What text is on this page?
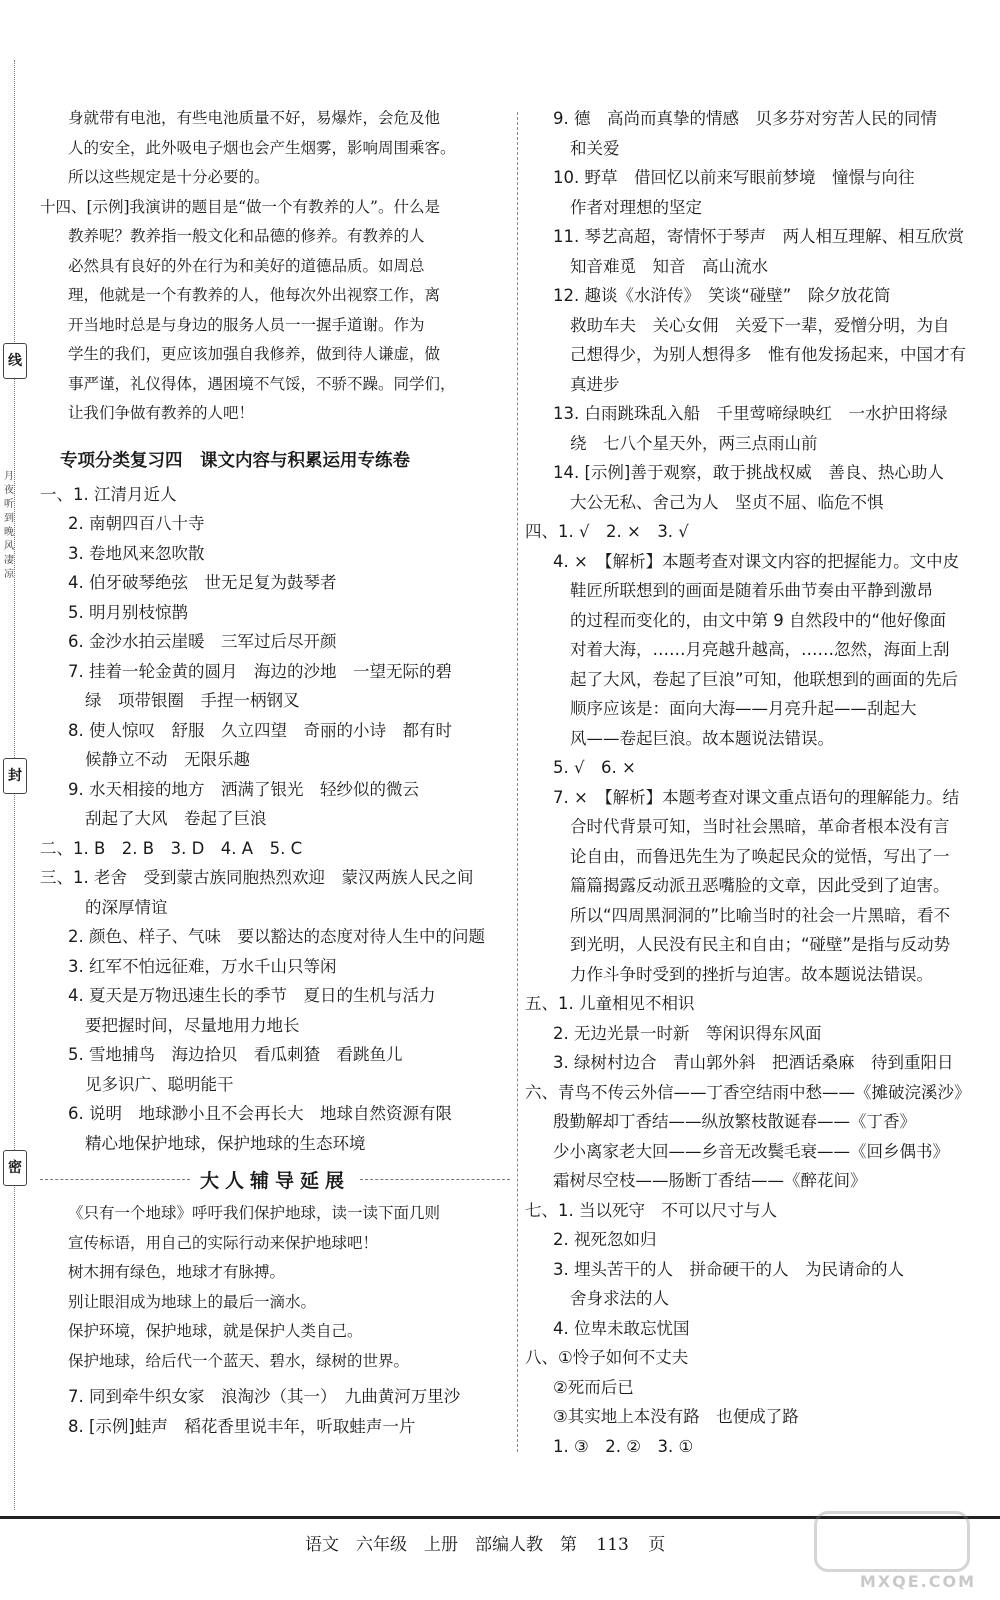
线
月夜听到晚风凄凉
封
密
身就带有电池，有些电池质量不好，易爆炸，会危及他
人的安全，此外吸电子烟也会产生烟雾，影响周围乘客。
所以这些规定是十分必要的。
十四、[示例]我演讲的题目是“做一个有教养的人”。什么是
教养呢？教养指一般文化和品德的修养。有教养的人
必然具有良好的外在行为和美好的道德品质。如周总
理，他就是一个有教养的人，他每次外出视察工作，离
开当地时总是与身边的服务人员一一握手道谢。作为
学生的我们，更应该加强自我修养，做到待人谦虚，做
事严谨，礼仪得体，遇困境不气馁，不骄不躁。同学们，
让我们争做有教养的人吧！
专项分类复习四　课文内容与积累运用专练卷
一、1. 江清月近人
2. 南朝四百八十寺
3. 卷地风来忽吹散
4. 伯牙破琴绝弦　世无足复为鼓琴者
5. 明月别枝惊鹊
6. 金沙水拍云崖暖　三军过后尽开颜
7. 挂着一轮金黄的圆月　海边的沙地　一望无际的碧
绿　项带银圈　手捏一柄钢叉
8. 使人惊叹　舒服　久立四望　奇丽的小诗　都有时
候静立不动　无限乐趣
9. 水天相接的地方　洒满了银光　轻纱似的微云
刮起了大风　卷起了巨浪
二、1. B　2. B　3. D　4. A　5. C
三、1. 老舍　受到蒙古族同胞热烈欢迎　蒙汉两族人民之间
的深厚情谊
2. 颜色、样子、气味　要以豁达的态度对待人生中的问题
3. 红军不怕远征难，万水千山只等闲
4. 夏天是万物迅速生长的季节　夏日的生机与活力
要把握时间，尽量地用力地长
5. 雪地捕鸟　海边拾贝　看瓜刺猹　看跳鱼儿
见多识广、聪明能干
6. 说明　地球渺小且不会再长大　地球自然资源有限
精心地保护地球，保护地球的生态环境
大人辅导延展
《只有一个地球》呼吁我们保护地球，读一读下面几则
宣传标语，用自己的实际行动来保护地球吧！
树木拥有绿色，地球才有脉搏。
别让眼泪成为地球上的最后一滴水。
保护环境，保护地球，就是保护人类自己。
保护地球，给后代一个蓝天、碧水，绿树的世界。
7. 同到牵牛织女家　浪淘沙（其一）　九曲黄河万里沙
8. [示例]蛙声　稻花香里说丰年，听取蛙声一片
9. 德　高尚而真挚的情感　贝多芬对穷苦人民的同情
和关爱
10. 野草　借回忆以前来写眼前梦境　憧憬与向往
作者对理想的坚定
11. 琴艺高超，寄情怀于琴声　两人相互理解、相互欣赏
知音难觅　知音　高山流水
12. 趣谈《水浒传》　笑谈“碰壁”　除夕放花筒
救助车夫　关心女佣　关爱下一辈，爱憎分明，为自
己想得少，为别人想得多　惟有他发扬起来，中国才有
真进步
13. 白雨跳珠乱入船　千里莺啼绿映红　一水护田将绿
绕　七八个星天外，两三点雨山前
14. [示例]善于观察，敢于挑战权威　善良、热心助人
大公无私、舍己为人　坚贞不屈、临危不惧
四、1. √　2. ×　3. √
4. ×　【解析】本题考查对课文内容的把握能力。文中皮
鞋匠所联想到的画面是随着乐曲节奏由平静到激昂
的过程而变化的，由文中第 9 自然段中的“他好像面
对着大海，……月亮越升越高，……忽然，海面上刮
起了大风，卷起了巨浪”可知，他联想到的画面的先后
顺序应该是：面向大海——月亮升起——刮起大
风——卷起巨浪。故本题说法错误。
5. √　6. ×
7. ×　【解析】本题考查对课文重点语句的理解能力。结
合时代背景可知，当时社会黑暗，革命者根本没有言
论自由，而鲁迅先生为了唤起民众的觉悟，写出了一
篇篇揭露反动派丑恶嘴脸的文章，因此受到了迫害。
所以“四周黑洞洞的”比喻当时的社会一片黑暗，看不
到光明，人民没有民主和自由；“碰壁”是指与反动势
力作斗争时受到的挫折与迫害。故本题说法错误。
五、1. 儿童相见不相识
2. 无边光景一时新　等闲识得东风面
3. 绿树村边合　青山郭外斜　把酒话桑麻　待到重阳日
六、青鸟不传云外信——丁香空结雨中愁——《摊破浣溪沙》
殷勤解却丁香结——纵放繁枝散诞春——《丁香》
少小离家老大回——乡音无改鬓毛衰——《回乡偶书》
霜树尽空枝——肠断丁香结——《醉花间》
七、1. 当以死守　不可以尺寸与人
2. 视死忽如归
3. 埋头苦干的人　拼命硬干的人　为民请命的人
舍身求法的人
4. 位卑未敢忘忧国
八、①怜子如何不丈夫
②死而后已
③其实地上本没有路　也便成了路
1. ③　2. ②　3. ①
语文　六年级　上册　部编人教　第 113 页
MXQE.COM
